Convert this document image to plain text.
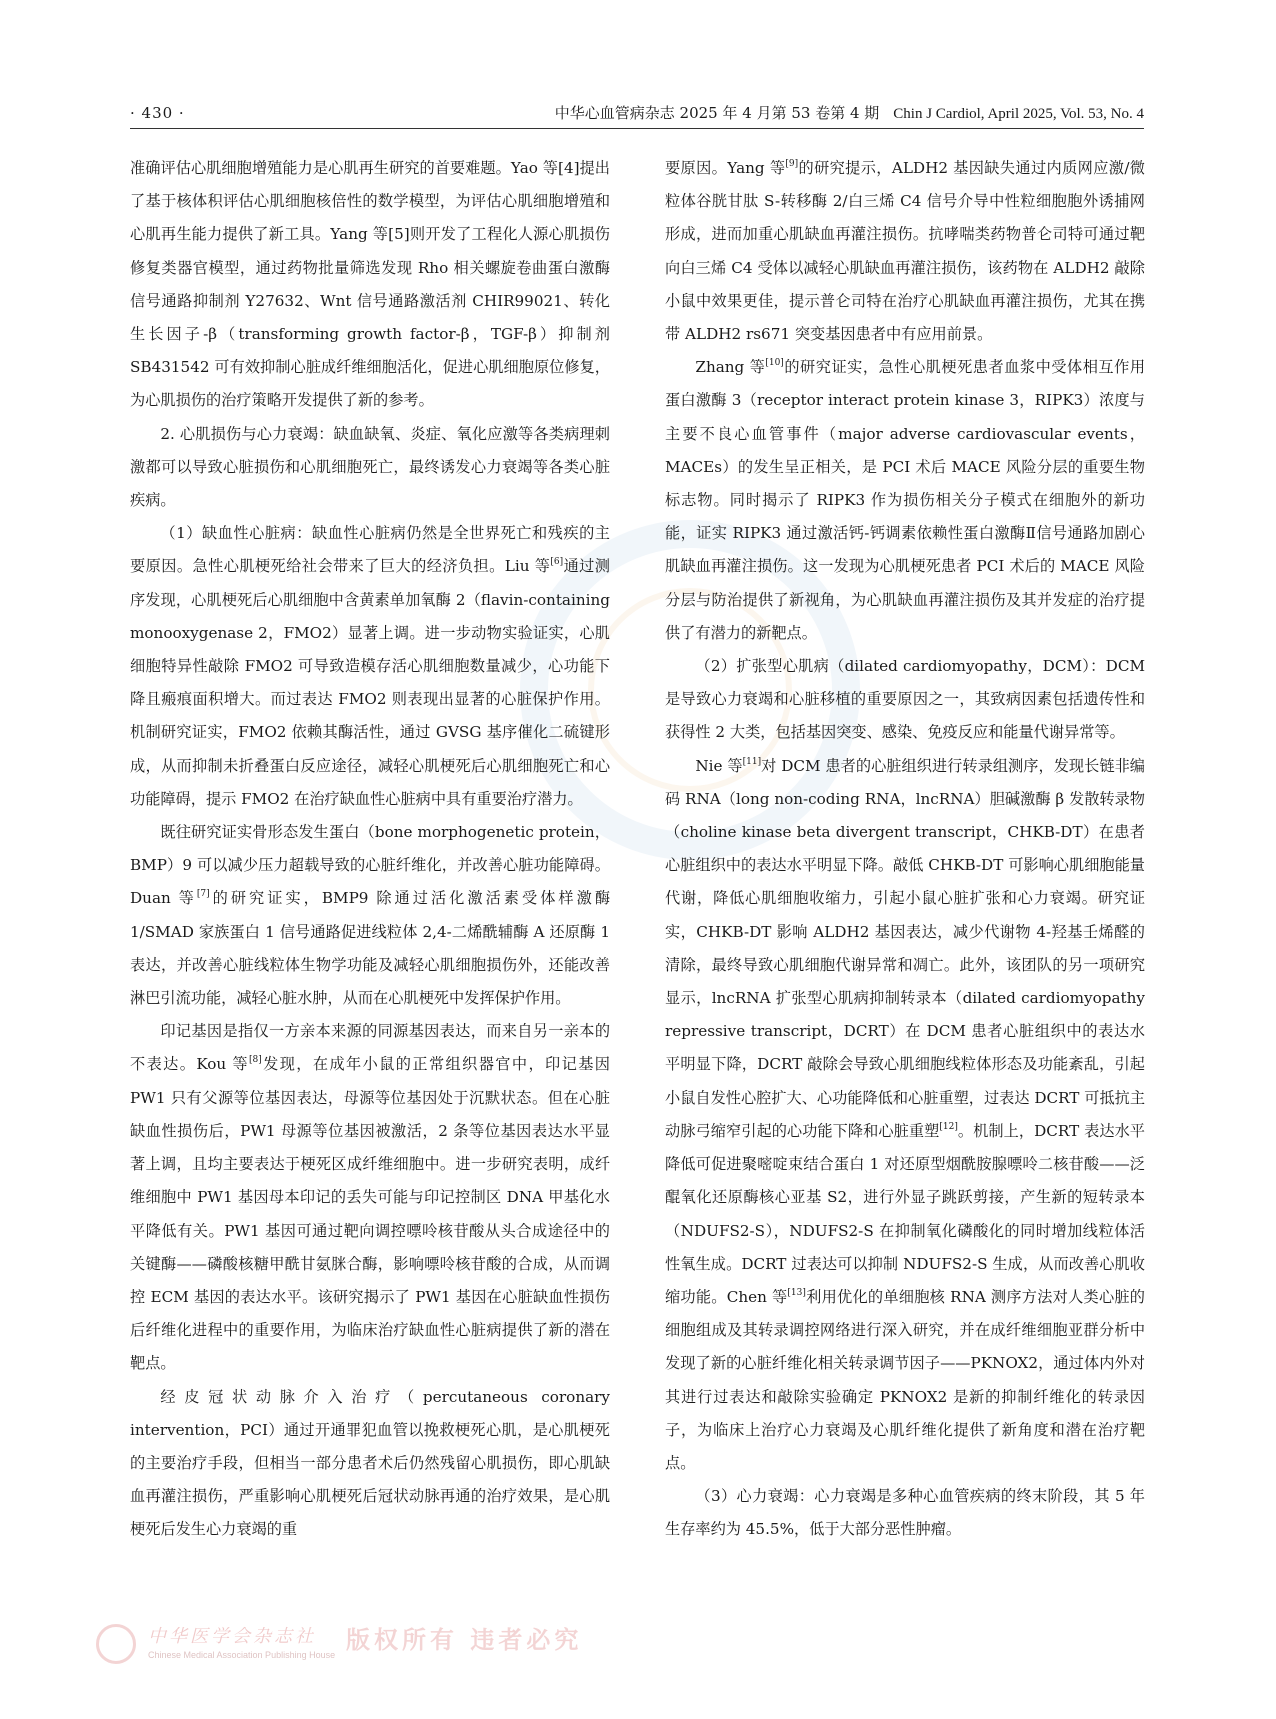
· 430 ·	中华心血管病杂志 2025 年 4 月第 53 卷第 4 期 Chin J Cardiol, April 2025, Vol. 53, No. 4

准确评估心肌细胞增殖能力是心肌再生研究的首要难题。Yao 等[4]提出了基于核体积评估心肌细胞核倍性的数学模型，为评估心肌细胞增殖和心肌再生能力提供了新工具。Yang 等[5]则开发了工程化人源心肌损伤修复类器官模型，通过药物批量筛选发现 Rho 相关螺旋卷曲蛋白激酶信号通路抑制剂 Y27632、Wnt 信号通路激活剂 CHIR99021、转化生长因子-β（transforming growth factor-β，TGF-β）抑制剂 SB431542 可有效抑制心脏成纤维细胞活化，促进心肌细胞原位修复，为心肌损伤的治疗策略开发提供了新的参考。

2. 心肌损伤与心力衰竭：缺血缺氧、炎症、氧化应激等各类病理刺激都可以导致心脏损伤和心肌细胞死亡，最终诱发心力衰竭等各类心脏疾病。

（1）缺血性心脏病：缺血性心脏病仍然是全世界死亡和残疾的主要原因。急性心肌梗死给社会带来了巨大的经济负担。Liu 等[6]通过测序发现，心肌梗死后心肌细胞中含黄素单加氧酶 2（flavin-containing monooxygenase 2，FMO2）显著上调。进一步动物实验证实，心肌细胞特异性敲除 FMO2 可导致造模存活心肌细胞数量减少，心功能下降且瘢痕面积增大。而过表达 FMO2 则表现出显著的心脏保护作用。机制研究证实，FMO2 依赖其酶活性，通过 GVSG 基序催化二硫键形成，从而抑制未折叠蛋白反应途径，减轻心肌梗死后心肌细胞死亡和心功能障碍，提示 FMO2 在治疗缺血性心脏病中具有重要治疗潜力。

既往研究证实骨形态发生蛋白（bone morphogenetic protein，BMP）9 可以减少压力超载导致的心脏纤维化，并改善心脏功能障碍。Duan 等[7]的研究证实，BMP9 除通过活化激活素受体样激酶 1/SMAD 家族蛋白 1 信号通路促进线粒体 2,4-二烯酰辅酶 A 还原酶 1 表达，并改善心脏线粒体生物学功能及减轻心肌细胞损伤外，还能改善淋巴引流功能，减轻心脏水肿，从而在心肌梗死中发挥保护作用。

印记基因是指仅一方亲本来源的同源基因表达，而来自另一亲本的不表达。Kou 等[8]发现，在成年小鼠的正常组织器官中，印记基因 PW1 只有父源等位基因表达，母源等位基因处于沉默状态。但在心脏缺血性损伤后，PW1 母源等位基因被激活，2 条等位基因表达水平显著上调，且均主要表达于梗死区成纤维细胞中。进一步研究表明，成纤维细胞中 PW1 基因母本印记的丢失可能与印记控制区 DNA 甲基化水平降低有关。PW1 基因可通过靶向调控嘌呤核苷酸从头合成途径中的关键酶——磷酸核糖甲酰甘氨脒合酶，影响嘌呤核苷酸的合成，从而调控 ECM 基因的表达水平。该研究揭示了 PW1 基因在心脏缺血性损伤后纤维化进程中的重要作用，为临床治疗缺血性心脏病提供了新的潜在靶点。

经皮冠状动脉介入治疗（percutaneous coronary intervention，PCI）通过开通罪犯血管以挽救梗死心肌，是心肌梗死的主要治疗手段，但相当一部分患者术后仍然残留心肌损伤，即心肌缺血再灌注损伤，严重影响心肌梗死后冠状动脉再通的治疗效果，是心肌梗死后发生心力衰竭的重

要原因。Yang 等[9]的研究提示，ALDH2 基因缺失通过内质网应激/微粒体谷胱甘肽 S-转移酶 2/白三烯 C4 信号介导中性粒细胞胞外诱捕网形成，进而加重心肌缺血再灌注损伤。抗哮喘类药物普仑司特可通过靶向白三烯 C4 受体以减轻心肌缺血再灌注损伤，该药物在 ALDH2 敲除小鼠中效果更佳，提示普仑司特在治疗心肌缺血再灌注损伤，尤其在携带 ALDH2 rs671 突变基因患者中有应用前景。

Zhang 等[10]的研究证实，急性心肌梗死患者血浆中受体相互作用蛋白激酶 3（receptor interact protein kinase 3，RIPK3）浓度与主要不良心血管事件（major adverse cardiovascular events，MACEs）的发生呈正相关，是 PCI 术后 MACE 风险分层的重要生物标志物。同时揭示了 RIPK3 作为损伤相关分子模式在细胞外的新功能，证实 RIPK3 通过激活钙-钙调素依赖性蛋白激酶Ⅱ信号通路加剧心肌缺血再灌注损伤。这一发现为心肌梗死患者 PCI 术后的 MACE 风险分层与防治提供了新视角，为心肌缺血再灌注损伤及其并发症的治疗提供了有潜力的新靶点。

（2）扩张型心肌病（dilated cardiomyopathy，DCM）：DCM 是导致心力衰竭和心脏移植的重要原因之一，其致病因素包括遗传性和获得性 2 大类，包括基因突变、感染、免疫反应和能量代谢异常等。

Nie 等[11]对 DCM 患者的心脏组织进行转录组测序，发现长链非编码 RNA（long non-coding RNA，lncRNA）胆碱激酶 β 发散转录物（choline kinase beta divergent transcript，CHKB-DT）在患者心脏组织中的表达水平明显下降。敲低 CHKB-DT 可影响心肌细胞能量代谢，降低心肌细胞收缩力，引起小鼠心脏扩张和心力衰竭。研究证实，CHKB-DT 影响 ALDH2 基因表达，减少代谢物 4-羟基壬烯醛的清除，最终导致心肌细胞代谢异常和凋亡。此外，该团队的另一项研究显示，lncRNA 扩张型心肌病抑制转录本（dilated cardiomyopathy repressive transcript，DCRT）在 DCM 患者心脏组织中的表达水平明显下降，DCRT 敲除会导致心肌细胞线粒体形态及功能紊乱，引起小鼠自发性心腔扩大、心功能降低和心脏重塑，过表达 DCRT 可抵抗主动脉弓缩窄引起的心功能下降和心脏重塑[12]。机制上，DCRT 表达水平降低可促进聚嘧啶束结合蛋白 1 对还原型烟酰胺腺嘌呤二核苷酸——泛醌氧化还原酶核心亚基 S2，进行外显子跳跃剪接，产生新的短转录本（NDUFS2-S），NDUFS2-S 在抑制氧化磷酸化的同时增加线粒体活性氧生成。DCRT 过表达可以抑制 NDUFS2-S 生成，从而改善心肌收缩功能。Chen 等[13]利用优化的单细胞核 RNA 测序方法对人类心脏的细胞组成及其转录调控网络进行深入研究，并在成纤维细胞亚群分析中发现了新的心脏纤维化相关转录调节因子——PKNOX2，通过体内外对其进行过表达和敲除实验确定 PKNOX2 是新的抑制纤维化的转录因子，为临床上治疗心力衰竭及心肌纤维化提供了新角度和潜在治疗靶点。

（3）心力衰竭：心力衰竭是多种心血管疾病的终末阶段，其 5 年生存率约为 45.5%，低于大部分恶性肿瘤。

中华医学会杂志社
Chinese Medical Association Publishing House
版权所有 违者必究
